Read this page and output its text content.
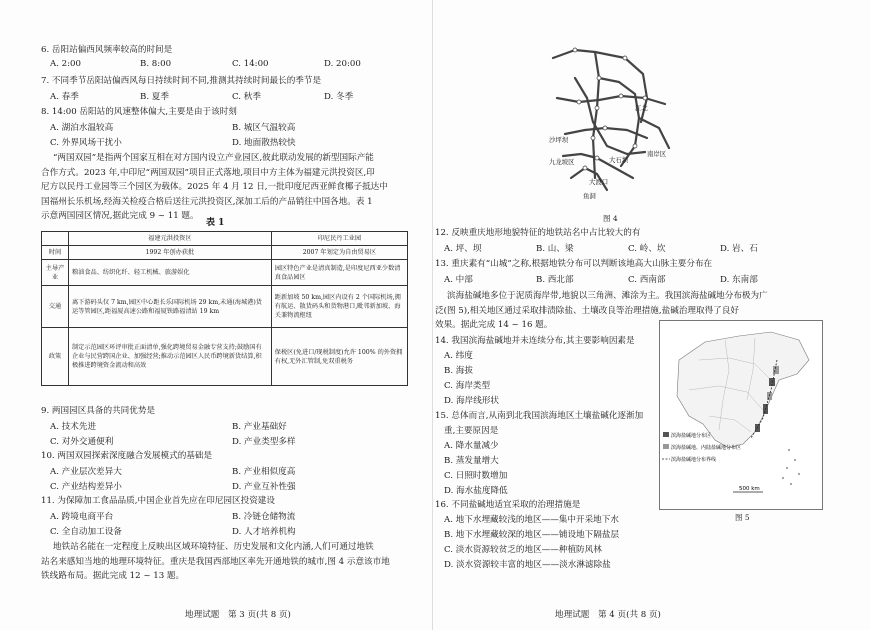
6. 岳阳站偏西风频率较高的时间是
A. 2:00	B. 8:00	C. 14:00	D. 20:00
7. 不同季节岳阳站偏西风每日持续时间不同,推测其持续时间最长的季节是
A. 春季	B. 夏季	C. 秋季	D. 冬季
8. 14:00 岳阳站的风速整体偏大,主要是由于该时刻
A. 湖泊水温较高	B. 城区气温较高
C. 外界风场干扰小	D. 地面散热较快

“两国双园”是指两个国家互相在对方国内设立产业园区,彼此联动发展的新型国际产能

合作方式。2023 年,中印尼“两国双园”项目正式落地,项目中方主体为福建元洪投资区,印

尼方以民丹工业园等三个园区为载体。2025 年 4 月 12 日,一批印度尼西亚鲜食椰子抵达中

国福州长乐机场,经海关检疫合格后送往元洪投资区,深加工后的产品销往中国各地。表 1

示意两国园区情况,据此完成 9 ~ 11 题。

表 1
	福建元洪投资区	印尼民丹工业园
时间	1992 年创办获批	2007 年划定为自由贸易区
主导产业	粮油食品、纺织化纤、轻工机械、旅游娱化	园区特色产业是清真制造,是印度尼西亚少数清真食品园区
交通	离下游码头仅 7 km,园区中心距长乐国际机场 29 km,未通(海城港)货运等管园区,距福厦高速公路和福厦铁路福清站 19 km	距新加坡 50 km,园区内设有 2 个国际机场,拥有航运、散货码头和货物港口,毗邻新加坡、海关兼物流枢纽
政策	制定示范园区环评审批正面清单,强化跨境贸易金融专营支持;鼓励国有企业与民营跨国企业、加强经营;推动示范园区人民币跨境新货结算,积极推进跨境资金流动和高效	保税区(免进口/现税制度)允许 100% 的外资拥有权,无外汇管制,免双重税务
9. 两国园区具备的共同优势是
A. 技术先进	B. 产业基础好
C. 对外交通便利	D. 产业类型多样
10. 两国双园探索深度融合发展模式的基础是
A. 产业层次差异大	B. 产业相似度高
C. 产业结构差异小	D. 产业互补性强
11. 为保障加工食品品质,中国企业首先应在印尼园区投资建设
A. 跨境电商平台	B. 冷链仓储物流
C. 全自动加工设备	D. 人才培养机构

地铁站名能在一定程度上反映出区域环境特征、历史发展和文化内涵,人们可通过地铁

站名来感知当地的地理环境特征。重庆是我国西部地区率先开通地铁的城市,图 4 示意该市地

铁线路布局。据此完成 12 ~ 13 题。

地理试题　第 3 页(共 8 页)
沙坪坝
鱼洞
江北
南岸区
九龙坡区
大渡口
大石坝
图 4
12. 反映重庆地形地貌特征的地铁站名中占比较大的有
A. 坪、坝	B. 山、梁	C. 岭、坎	D. 岩、石
13. 重庆素有“山城”之称,根据地铁分布可以判断该地高大山脉主要分布在
A. 中部	B. 西北部	C. 西南部	D. 东南部

滨海盐碱地多位于泥质海岸带,地貌以三角洲、滩涂为主。我国滨海盐碱地分布极为广

泛(图 5),相关地区通过采取排渍除盐、土壤改良等治理措施,盐碱治理取得了良好

效果。据此完成 14 ~ 16 题。

14. 我国滨海盐碱地并未连续分布,其主要影响因素是
A. 纬度
B. 海拔
C. 海岸类型
D. 海岸线形状
15. 总体而言,从南到北我国滨海地区土壤盐碱化逐渐加
重,主要原因是
A. 降水量减少
B. 蒸发量增大
C. 日照时数增加
D. 海水盐度降低
滨海盐碱地分布区
滨海盐碱地、内陆盐碱地分布区
滨海盐碱地分布界线
500 km
图 5
16. 不同盐碱地适宜采取的治理措施是
A. 地下水埋藏较浅的地区——集中开采地下水
B. 地下水埋藏较深的地区——铺设地下隔盐层
C. 淡水资源较贫乏的地区——种植防风林
D. 淡水资源较丰富的地区——淡水淋滤除盐
地理试题　第 4 页(共 8 页)
